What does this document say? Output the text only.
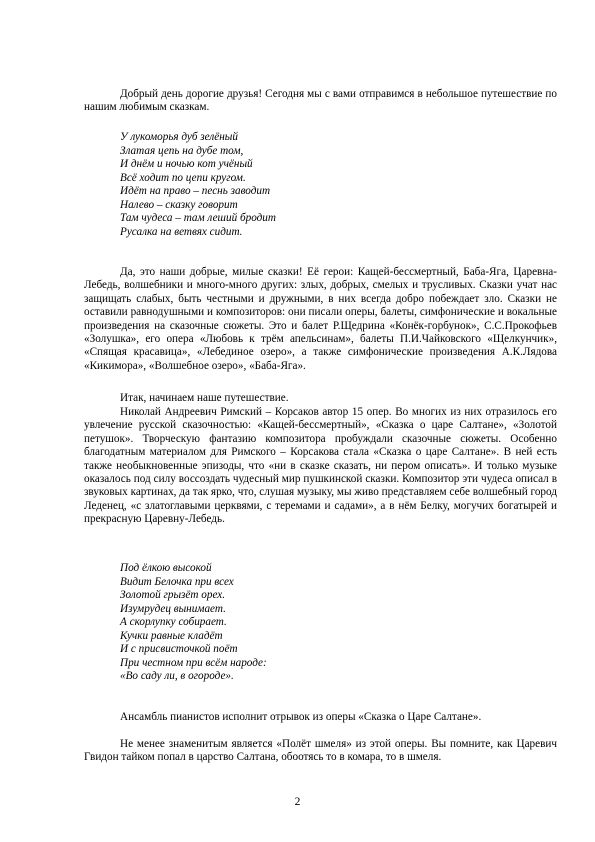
Добрый день дорогие друзья! Сегодня мы с вами отправимся в небольшое путешествие по нашим любимым сказкам.

У лукоморья дуб зелёный
Златая цепь на дубе том,
И днём и ночью кот учёный
Всё ходит по цепи кругом.
Идёт на право – песнь заводит
Налево – сказку говорит
Там чудеса – там леший бродит
Русалка на ветвях сидит.

Да, это наши добрые, милые сказки! Её герои: Кащей-бессмертный, Баба-Яга, Царевна-Лебедь, волшебники и много-много других: злых, добрых, смелых и трусливых. Сказки учат нас защищать слабых, быть честными и дружными, в них всегда добро побеждает зло. Сказки не оставили равнодушными и композиторов: они писали оперы, балеты, симфонические и вокальные произведения на сказочные сюжеты. Это и балет Р.Щедрина «Конёк-горбунок», С.С.Прокофьев «Золушка», его опера «Любовь к трём апельсинам», балеты П.И.Чайковского «Щелкунчик», «Спящая красавица», «Лебединое озеро», а также симфонические произведения А.К.Лядова «Кикимора», «Волшебное озеро», «Баба-Яга».

Итак, начинаем наше путешествие.

Николай Андреевич Римский – Корсаков автор 15 опер. Во многих из них отразилось его увлечение русской сказочностью: «Кащей-бессмертный», «Сказка о царе Салтане», «Золотой петушок». Творческую фантазию композитора пробуждали сказочные сюжеты. Особенно благодатным материалом для Римского – Корсакова стала «Сказка о царе Салтане». В ней есть также необыкновенные эпизоды, что «ни в сказке сказать, ни пером описать». И только музыке оказалось под силу воссоздать чудесный мир пушкинской сказки. Композитор эти чудеса описал в звуковых картинах, да так ярко, что, слушая музыку, мы живо представляем себе волшебный город Леденец, «с златоглавыми церквями, с теремами и садами», а в нём Белку, могучих богатырей и прекрасную Царевну-Лебедь.

Под ёлкою высокой
Видит Белочка при всех
Золотой грызёт орех.
Изумрудец вынимает.
А скорлупку собирает.
Кучки равные кладёт
И с присвисточкой поёт
При честном при всём народе:
«Во саду ли, в огороде».

Ансамбль пианистов исполнит отрывок из оперы «Сказка о Царе Салтане».

Не менее знаменитым является «Полёт шмеля» из этой оперы. Вы помните, как Царевич Гвидон тайком попал в царство Салтана, обоотясь то в комара, то в шмеля.

2
